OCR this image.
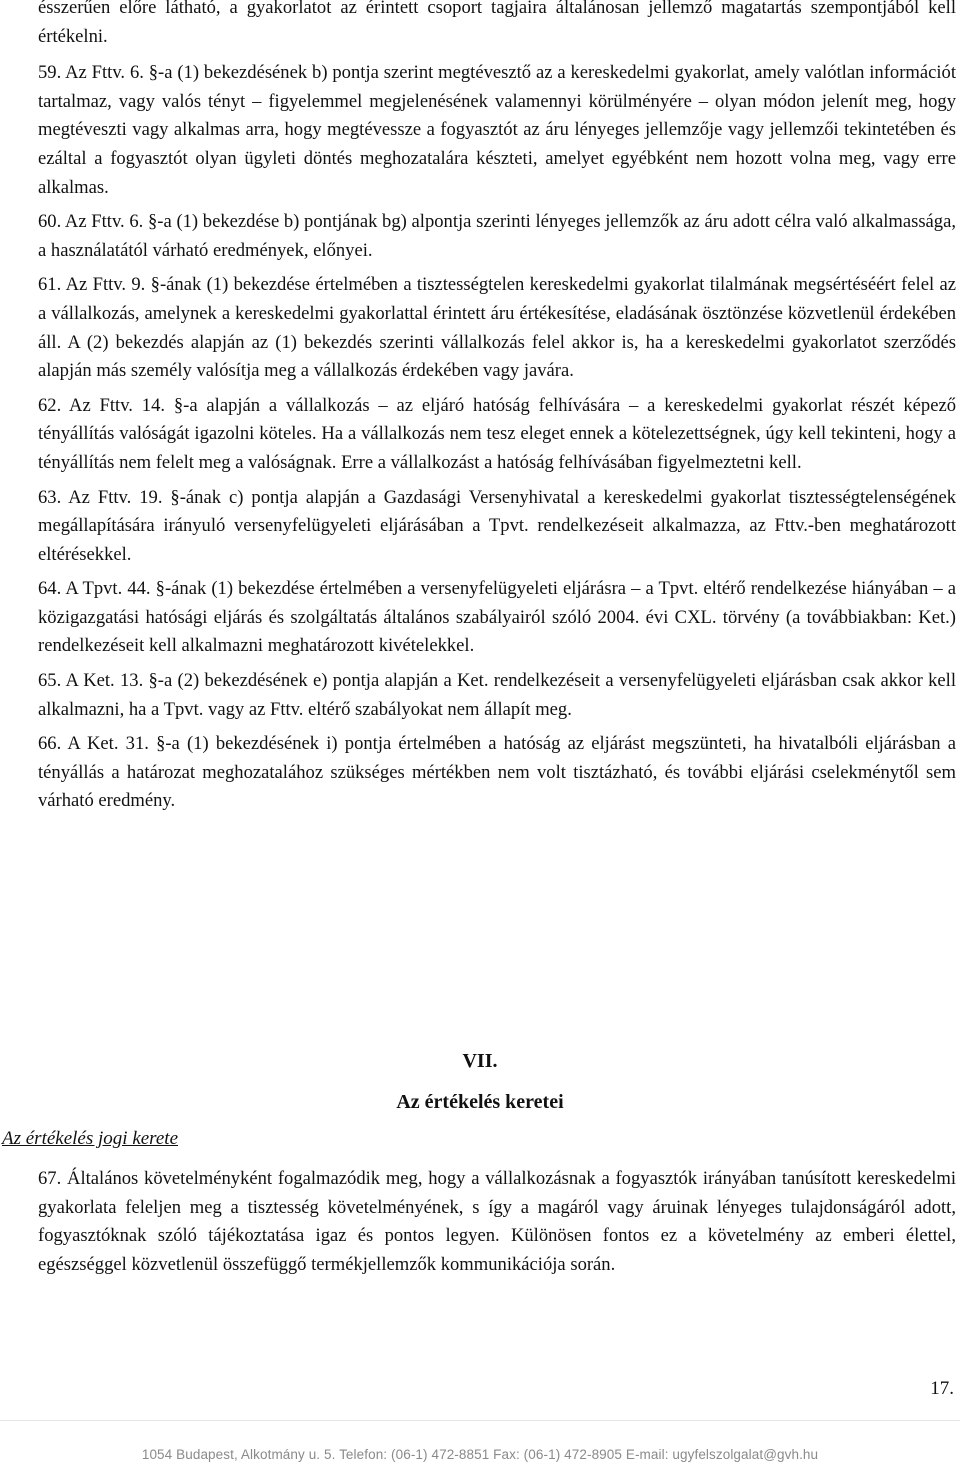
ésszerűen előre látható, a gyakorlatot az érintett csoport tagjaira általánosan jellemző magatartás szempontjából kell értékelni.

59. Az Fttv. 6. §-a (1) bekezdésének b) pontja szerint megtévesztő az a kereskedelmi gyakorlat, amely valótlan információt tartalmaz, vagy valós tényt – figyelemmel megjelenésének valamennyi körülményére – olyan módon jelenít meg, hogy megtéveszti vagy alkalmas arra, hogy megtévessze a fogyasztót az áru lényeges jellemzője vagy jellemzői tekintetében és ezáltal a fogyasztót olyan ügyleti döntés meghozatalára készteti, amelyet egyébként nem hozott volna meg, vagy erre alkalmas.

60. Az Fttv. 6. §-a (1) bekezdése b) pontjának bg) alpontja szerinti lényeges jellemzők az áru adott célra való alkalmassága, a használatától várható eredmények, előnyei.

61. Az Fttv. 9. §-ának (1) bekezdése értelmében a tisztességtelen kereskedelmi gyakorlat tilalmának megsértéséért felel az a vállalkozás, amelynek a kereskedelmi gyakorlattal érintett áru értékesítése, eladásának ösztönzése közvetlenül érdekében áll. A (2) bekezdés alapján az (1) bekezdés szerinti vállalkozás felel akkor is, ha a kereskedelmi gyakorlatot szerződés alapján más személy valósítja meg a vállalkozás érdekében vagy javára.

62. Az Fttv. 14. §-a alapján a vállalkozás – az eljáró hatóság felhívására – a kereskedelmi gyakorlat részét képező tényállítás valóságát igazolni köteles. Ha a vállalkozás nem tesz eleget ennek a kötelezettségnek, úgy kell tekinteni, hogy a tényállítás nem felelt meg a valóságnak. Erre a vállalkozást a hatóság felhívásában figyelmeztetni kell.

63. Az Fttv. 19. §-ának c) pontja alapján a Gazdasági Versenyhivatal a kereskedelmi gyakorlat tisztességtelenségének megállapítására irányuló versenyfelügyeleti eljárásában a Tpvt. rendelkezéseit alkalmazza, az Fttv.-ben meghatározott eltérésekkel.

64. A Tpvt. 44. §-ának (1) bekezdése értelmében a versenyfelügyeleti eljárásra – a Tpvt. eltérő rendelkezése hiányában – a közigazgatási hatósági eljárás és szolgáltatás általános szabályairól szóló 2004. évi CXL. törvény (a továbbiakban: Ket.) rendelkezéseit kell alkalmazni meghatározott kivételekkel.

65. A Ket. 13. §-a (2) bekezdésének e) pontja alapján a Ket. rendelkezéseit a versenyfelügyeleti eljárásban csak akkor kell alkalmazni, ha a Tpvt. vagy az Fttv. eltérő szabályokat nem állapít meg.

66. A Ket. 31. §-a (1) bekezdésének i) pontja értelmében a hatóság az eljárást megszünteti, ha hivatalbóli eljárásban a tényállás a határozat meghozatalához szükséges mértékben nem volt tisztázható, és további eljárási cselekménytől sem várható eredmény.

VII.
Az értékelés keretei
Az értékelés jogi kerete

67. Általános követelményként fogalmazódik meg, hogy a vállalkozásnak a fogyasztók irányában tanúsított kereskedelmi gyakorlata feleljen meg a tisztesség követelményének, s így a magáról vagy áruinak lényeges tulajdonságáról adott, fogyasztóknak szóló tájékoztatása igaz és pontos legyen. Különösen fontos ez a követelmény az emberi élettel, egészséggel közvetlenül összefüggő termékjellemzők kommunikációja során.

17.
1054 Budapest, Alkotmány u. 5. Telefon: (06-1) 472-8851 Fax: (06-1) 472-8905 E-mail: ugyfelszolgalat@gvh.hu
